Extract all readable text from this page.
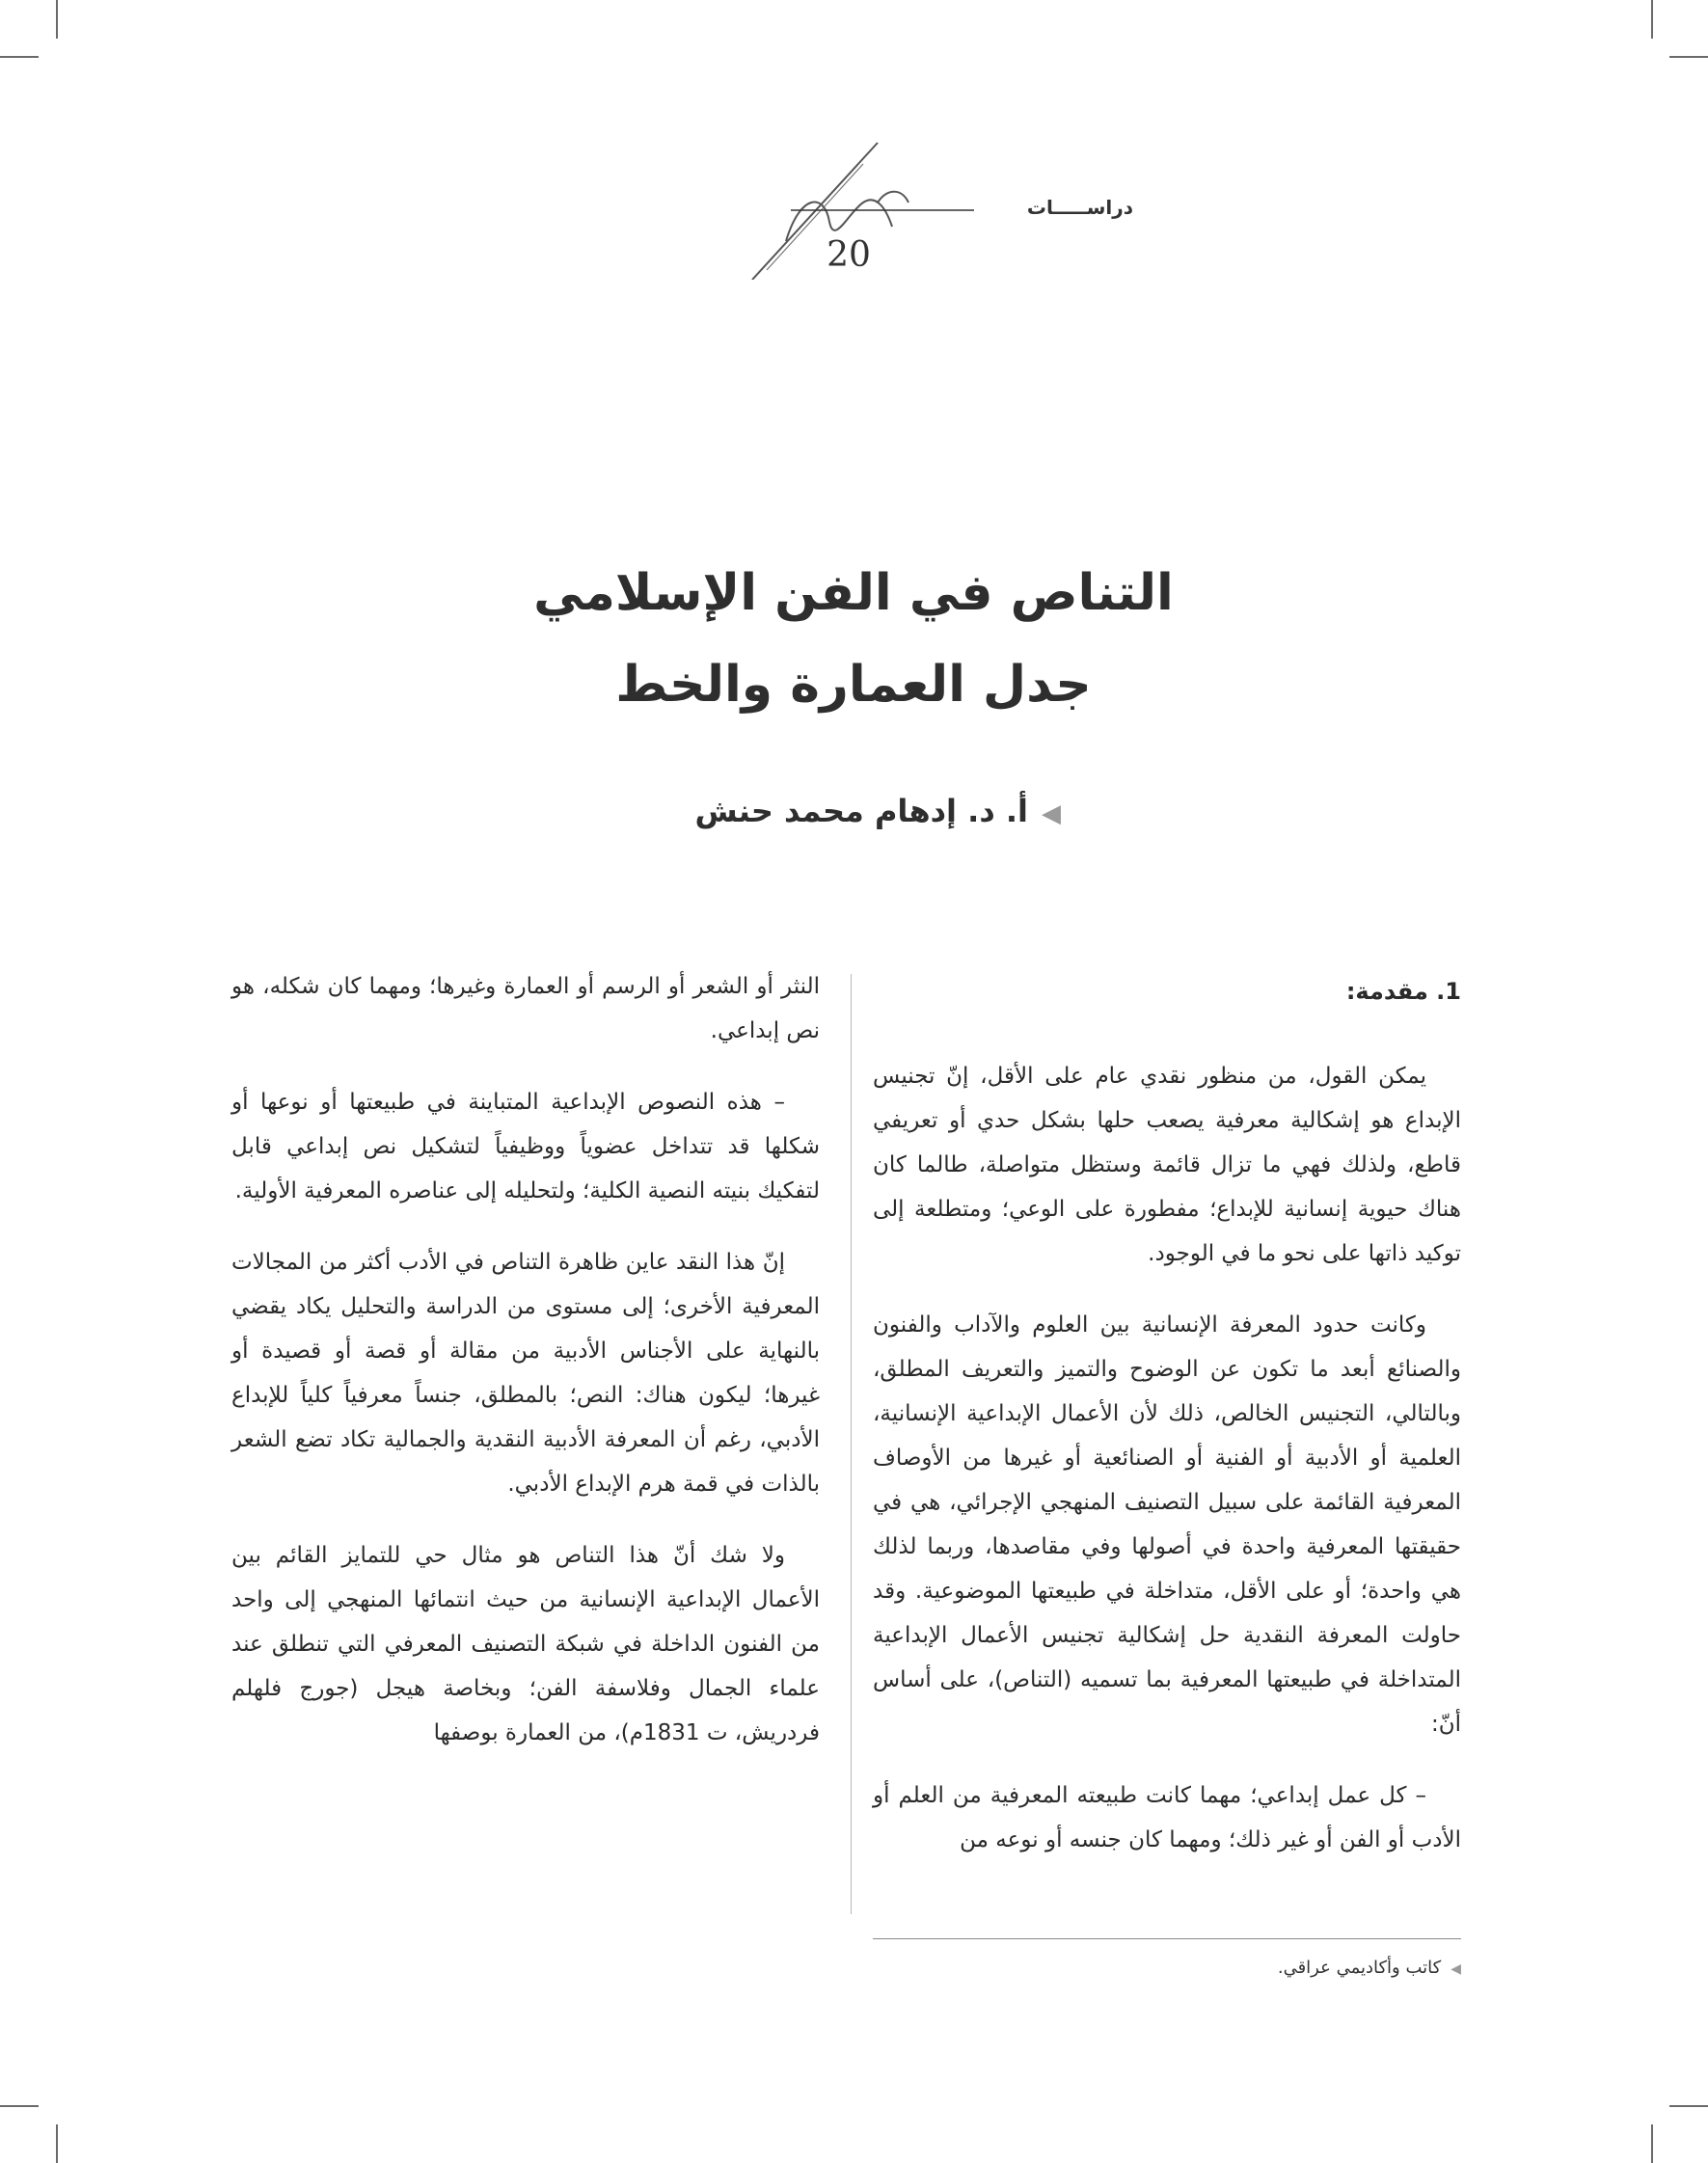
دراســـــات
20
التناص في الفن الإسلامي
جدل العمارة والخط
◀أ. د. إدهام محمد حنش
1. مقدمة:

يمكن القول، من منظور نقدي عام على الأقل، إنّ تجنيس الإبداع هو إشكالية معرفية يصعب حلها بشكل حدي أو تعريفي قاطع، ولذلك فهي ما تزال قائمة وستظل متواصلة، طالما كان هناك حيوية إنسانية للإبداع؛ مفطورة على الوعي؛ ومتطلعة إلى توكيد ذاتها على نحو ما في الوجود.

وكانت حدود المعرفة الإنسانية بين العلوم والآداب والفنون والصنائع أبعد ما تكون عن الوضوح والتميز والتعريف المطلق، وبالتالي، التجنيس الخالص، ذلك لأن الأعمال الإبداعية الإنسانية، العلمية أو الأدبية أو الفنية أو الصنائعية أو غيرها من الأوصاف المعرفية القائمة على سبيل التصنيف المنهجي الإجرائي، هي في حقيقتها المعرفية واحدة في أصولها وفي مقاصدها، وربما لذلك هي واحدة؛ أو على الأقل، متداخلة في طبيعتها الموضوعية. وقد حاولت المعرفة النقدية حل إشكالية تجنيس الأعمال الإبداعية المتداخلة في طبيعتها المعرفية بما تسميه (التناص)، على أساس أنّ:

– كل عمل إبداعي؛ مهما كانت طبيعته المعرفية من العلم أو الأدب أو الفن أو غير ذلك؛ ومهما كان جنسه أو نوعه من

النثر أو الشعر أو الرسم أو العمارة وغيرها؛ ومهما كان شكله، هو نص إبداعي.

– هذه النصوص الإبداعية المتباينة في طبيعتها أو نوعها أو شكلها قد تتداخل عضوياً ووظيفياً لتشكيل نص إبداعي قابل لتفكيك بنيته النصية الكلية؛ ولتحليله إلى عناصره المعرفية الأولية.

إنّ هذا النقد عاين ظاهرة التناص في الأدب أكثر من المجالات المعرفية الأخرى؛ إلى مستوى من الدراسة والتحليل يكاد يقضي بالنهاية على الأجناس الأدبية من مقالة أو قصة أو قصيدة أو غيرها؛ ليكون هناك: النص؛ بالمطلق، جنساً معرفياً كلياً للإبداع الأدبي، رغم أن المعرفة الأدبية النقدية والجمالية تكاد تضع الشعر بالذات في قمة هرم الإبداع الأدبي.

ولا شك أنّ هذا التناص هو مثال حي للتمايز القائم بين الأعمال الإبداعية الإنسانية من حيث انتمائها المنهجي إلى واحد من الفنون الداخلة في شبكة التصنيف المعرفي التي تنطلق عند علماء الجمال وفلاسفة الفن؛ وبخاصة هيجل (جورج فلهلم فردريش، ت 1831م)، من العمارة بوصفها

◀كاتب وأكاديمي عراقي.
